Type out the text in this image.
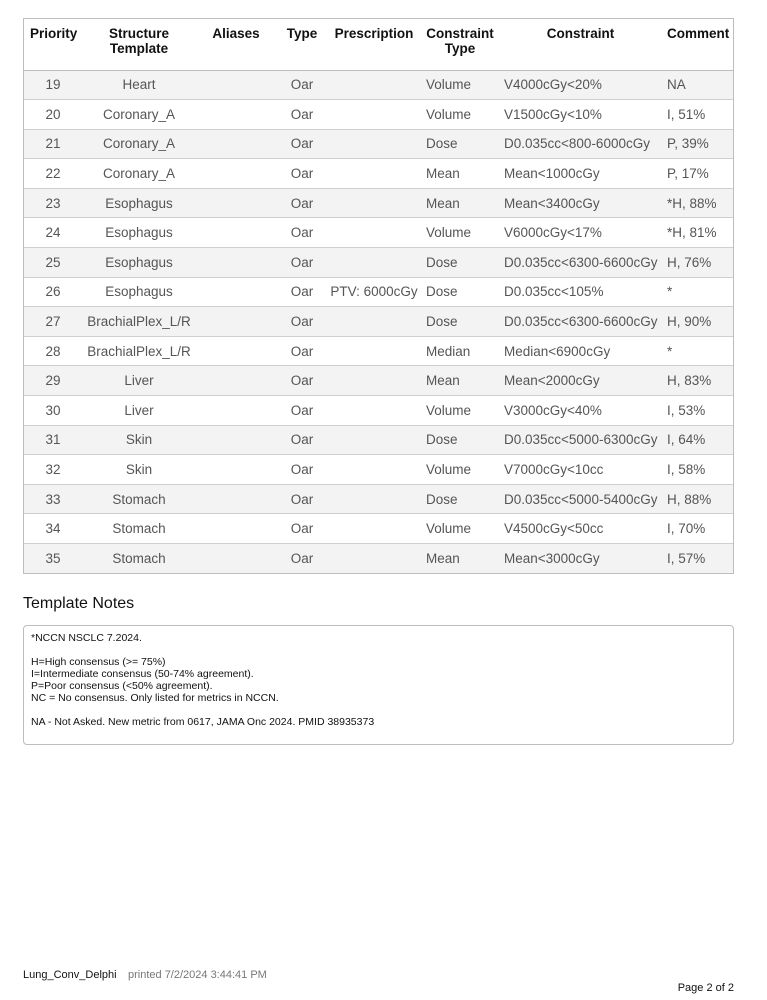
Priority	Structure Template	Aliases	Type	Prescription	Constraint Type	Constraint	Comment
19	Heart		Oar		Volume	V4000cGy<20%	NA
20	Coronary_A		Oar		Volume	V1500cGy<10%	I, 51%
21	Coronary_A		Oar		Dose	D0.035cc<800-6000cGy	P, 39%
22	Coronary_A		Oar		Mean	Mean<1000cGy	P, 17%
23	Esophagus		Oar		Mean	Mean<3400cGy	*H, 88%
24	Esophagus		Oar		Volume	V6000cGy<17%	*H, 81%
25	Esophagus		Oar		Dose	D0.035cc<6300-6600cGy	H, 76%
26	Esophagus		Oar	PTV: 6000cGy	Dose	D0.035cc<105%	*
27	BrachialPlex_L/R		Oar		Dose	D0.035cc<6300-6600cGy	H, 90%
28	BrachialPlex_L/R		Oar		Median	Median<6900cGy	*
29	Liver		Oar		Mean	Mean<2000cGy	H, 83%
30	Liver		Oar		Volume	V3000cGy<40%	I, 53%
31	Skin		Oar		Dose	D0.035cc<5000-6300cGy	I, 64%
32	Skin		Oar		Volume	V7000cGy<10cc	I, 58%
33	Stomach		Oar		Dose	D0.035cc<5000-5400cGy	H, 88%
34	Stomach		Oar		Volume	V4500cGy<50cc	I, 70%
35	Stomach		Oar		Mean	Mean<3000cGy	I, 57%
Template Notes
*NCCN NSCLC 7.2024.
H=High consensus (>= 75%)
I=Intermediate consensus (50-74% agreement).
P=Poor consensus (<50% agreement).
NC = No consensus. Only listed for metrics in NCCN.
NA - Not Asked. New metric from 0617, JAMA Onc 2024. PMID 38935373
Lung_Conv_Delphi printed 7/2/2024 3:44:41 PM
Page 2 of 2
